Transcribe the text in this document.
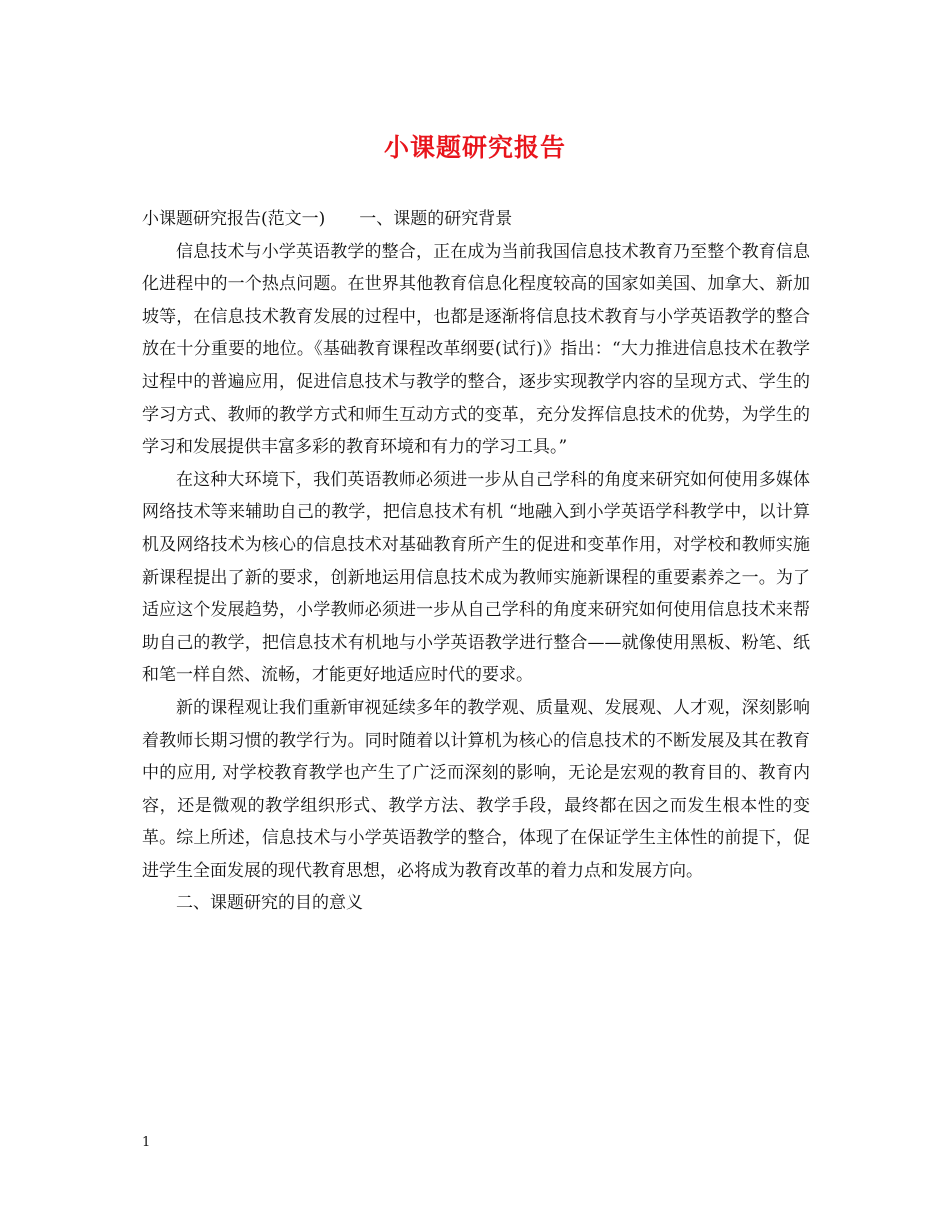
小课题研究报告

小课题研究报告(范文一)　　一、课题的研究背景

信息技术与小学英语教学的整合，正在成为当前我国信息技术教育乃至整个教育信息化进程中的一个热点问题。在世界其他教育信息化程度较高的国家如美国、加拿大、新加坡等，在信息技术教育发展的过程中，也都是逐渐将信息技术教育与小学英语教学的整合放在十分重要的地位。《基础教育课程改革纲要(试行)》指出：“大力推进信息技术在教学过程中的普遍应用，促进信息技术与教学的整合，逐步实现教学内容的呈现方式、学生的学习方式、教师的教学方式和师生互动方式的变革，充分发挥信息技术的优势，为学生的学习和发展提供丰富多彩的教育环境和有力的学习工具。”

在这种大环境下，我们英语教师必须进一步从自己学科的角度来研究如何使用多媒体网络技术等来辅助自己的教学，把信息技术有机 “地融入到小学英语学科教学中，以计算机及网络技术为核心的信息技术对基础教育所产生的促进和变革作用，对学校和教师实施新课程提出了新的要求，创新地运用信息技术成为教师实施新课程的重要素养之一。为了适应这个发展趋势，小学教师必须进一步从自己学科的角度来研究如何使用信息技术来帮助自己的教学，把信息技术有机地与小学英语教学进行整合——就像使用黑板、粉笔、纸和笔一样自然、流畅，才能更好地适应时代的要求。

新的课程观让我们重新审视延续多年的教学观、质量观、发展观、人才观，深刻影响着教师长期习惯的教学行为。同时随着以计算机为核心的信息技术的不断发展及其在教育中的应用, 对学校教育教学也产生了广泛而深刻的影响，无论是宏观的教育目的、教育内容，还是微观的教学组织形式、教学方法、教学手段，最终都在因之而发生根本性的变革。综上所述，信息技术与小学英语教学的整合，体现了在保证学生主体性的前提下，促进学生全面发展的现代教育思想，必将成为教育改革的着力点和发展方向。

二、课题研究的目的意义

1
